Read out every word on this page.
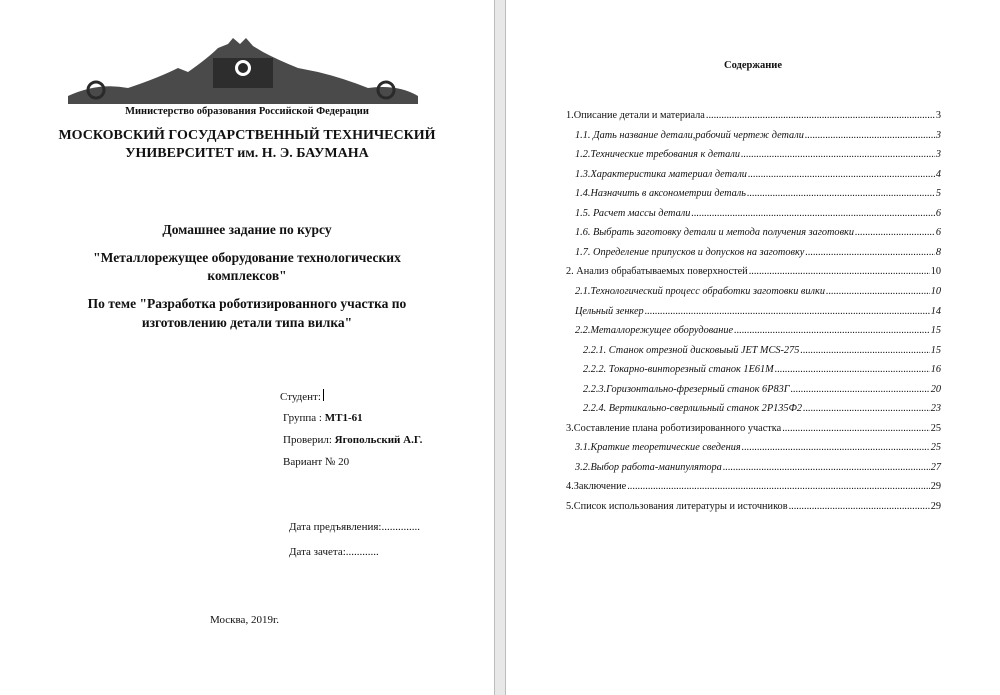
Министерство образования Российской Федерации
МОСКОВСКИЙ ГОСУДАРСТВЕННЫЙ ТЕХНИЧЕСКИЙ
УНИВЕРСИТЕТ им. Н. Э. БАУМАНА
Домашнее задание по курсу
"Металлорежущее оборудование технологических
комплексов"
По теме "Разработка роботизированного участка по
изготовлению детали типа вилка"
Студент:
Группа : МТ1-61
Проверил: Ягопольский А.Г.
Вариант № 20
Дата предъявления:..............
Дата зачета:............
Москва, 2019г.
Содержание
1.Описание детали и материала .....	3
1.1. Дать название детали,рабочий чертеж детали .....	3
1.2.Технические требования к детали .....	3
1.3.Характеристика материал детали .....	4
1.4.Назначить в аксонометрии деталь .....	5
1.5. Расчет массы детали .....	6
1.6. Выбрать заготовку детали и метода получения заготовки .....	6
1.7. Определение припусков и допусков на заготовку .....	8
2. Анализ обрабатываемых поверхностей .....	10
2.1.Технологический процесс обработки заготовки вилки .....	10
Цельный зенкер .....	14
2.2.Металлорежущее оборудование .....	15
2.2.1. Станок отрезной дисковыый JET MCS-275 .....	15
2.2.2. Токарно-винторезный станок 1Е61М .....	16
2.2.3.Горизонтально-фрезерный станок 6Р83Г .....	20
2.2.4. Вертикально-сверлильный станок 2Р135Ф2 .....	23
3.Составление плана роботизированного участка .....	25
3.1.Краткие теоретические сведения .....	25
3.2.Выбор работа-манипулятора .....	27
4.Заключение .....	29
5.Список использования литературы и источников .....	29
